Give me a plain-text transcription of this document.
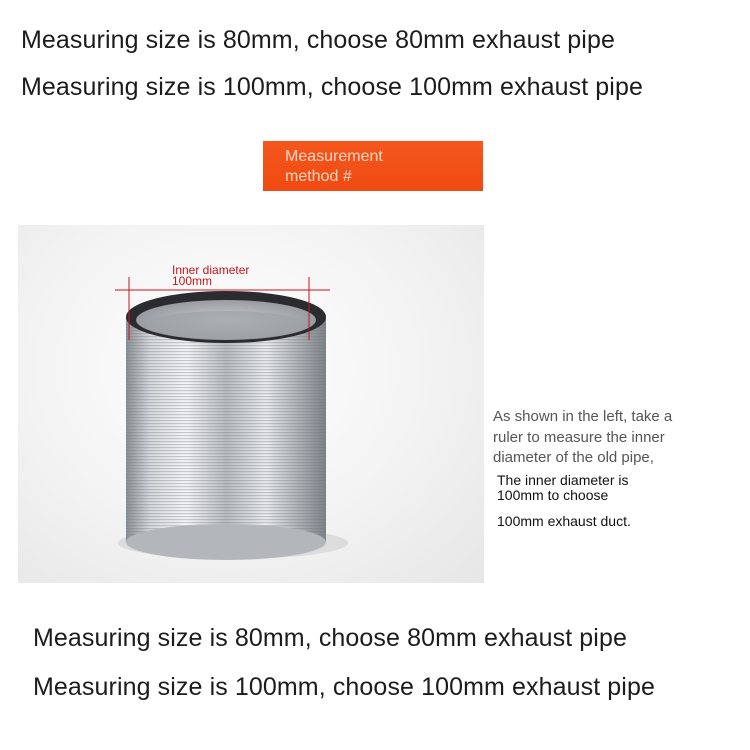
Measuring size is 80mm, choose 80mm exhaust pipe
Measuring size is 100mm, choose 100mm exhaust pipe
Measurement
method #
Inner diameter
100mm
As shown in the left, take a
ruler to measure the inner
diameter of the old pipe,
The inner diameter is
100mm to choose
100mm exhaust duct.
Measuring size is 80mm, choose 80mm exhaust pipe
Measuring size is 100mm, choose 100mm exhaust pipe
